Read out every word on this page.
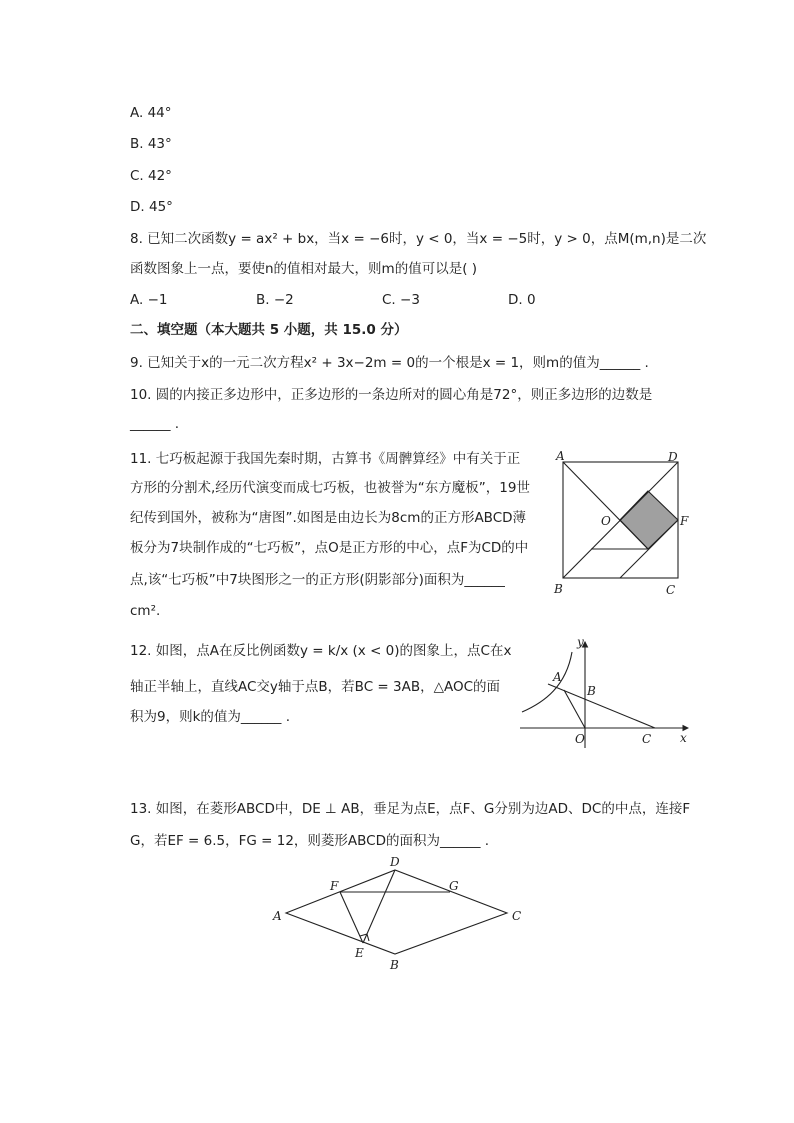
A. 44°
B. 43°
C. 42°
D. 45°
8. 已知二次函数y = ax² + bx，当x = −6时，y < 0，当x = −5时，y > 0，点M(m,n)是二次
函数图象上一点，要使n的值相对最大，则m的值可以是( )
A. −1	B. −2	C. −3	D. 0
二、填空题（本大题共 5 小题，共 15.0 分）
9. 已知关于x的一元二次方程x² + 3x−2m = 0的一个根是x = 1，则m的值为______ .
10. 圆的内接正多边形中，正多边形的一条边所对的圆心角是72°，则正多边形的边数是
______ .
11. 七巧板起源于我国先秦时期，古算书《周髀算经》中有关于正
方形的分割术,经历代演变而成七巧板，也被誉为“东方魔板”，19世
纪传到国外，被称为“唐图”.如图是由边长为8cm的正方形ABCD薄
板分为7块制作成的“七巧板”，点O是正方形的中心，点F为CD的中
点,该“七巧板”中7块图形之一的正方形(阴影部分)面积为______
cm².
A	D
B	C
O	F
12. 如图，点A在反比例函数y = k/x (x < 0)的图象上，点C在x
轴正半轴上，直线AC交y轴于点B，若BC = 3AB，△AOC的面
积为9，则k的值为______ .
y
x
A
B
O	C
13. 如图，在菱形ABCD中，DE ⊥ AB，垂足为点E，点F、G分别为边AD、DC的中点，连接F
G，若EF = 6.5，FG = 12，则菱形ABCD的面积为______ .
A
D
F	G
C
E
B
